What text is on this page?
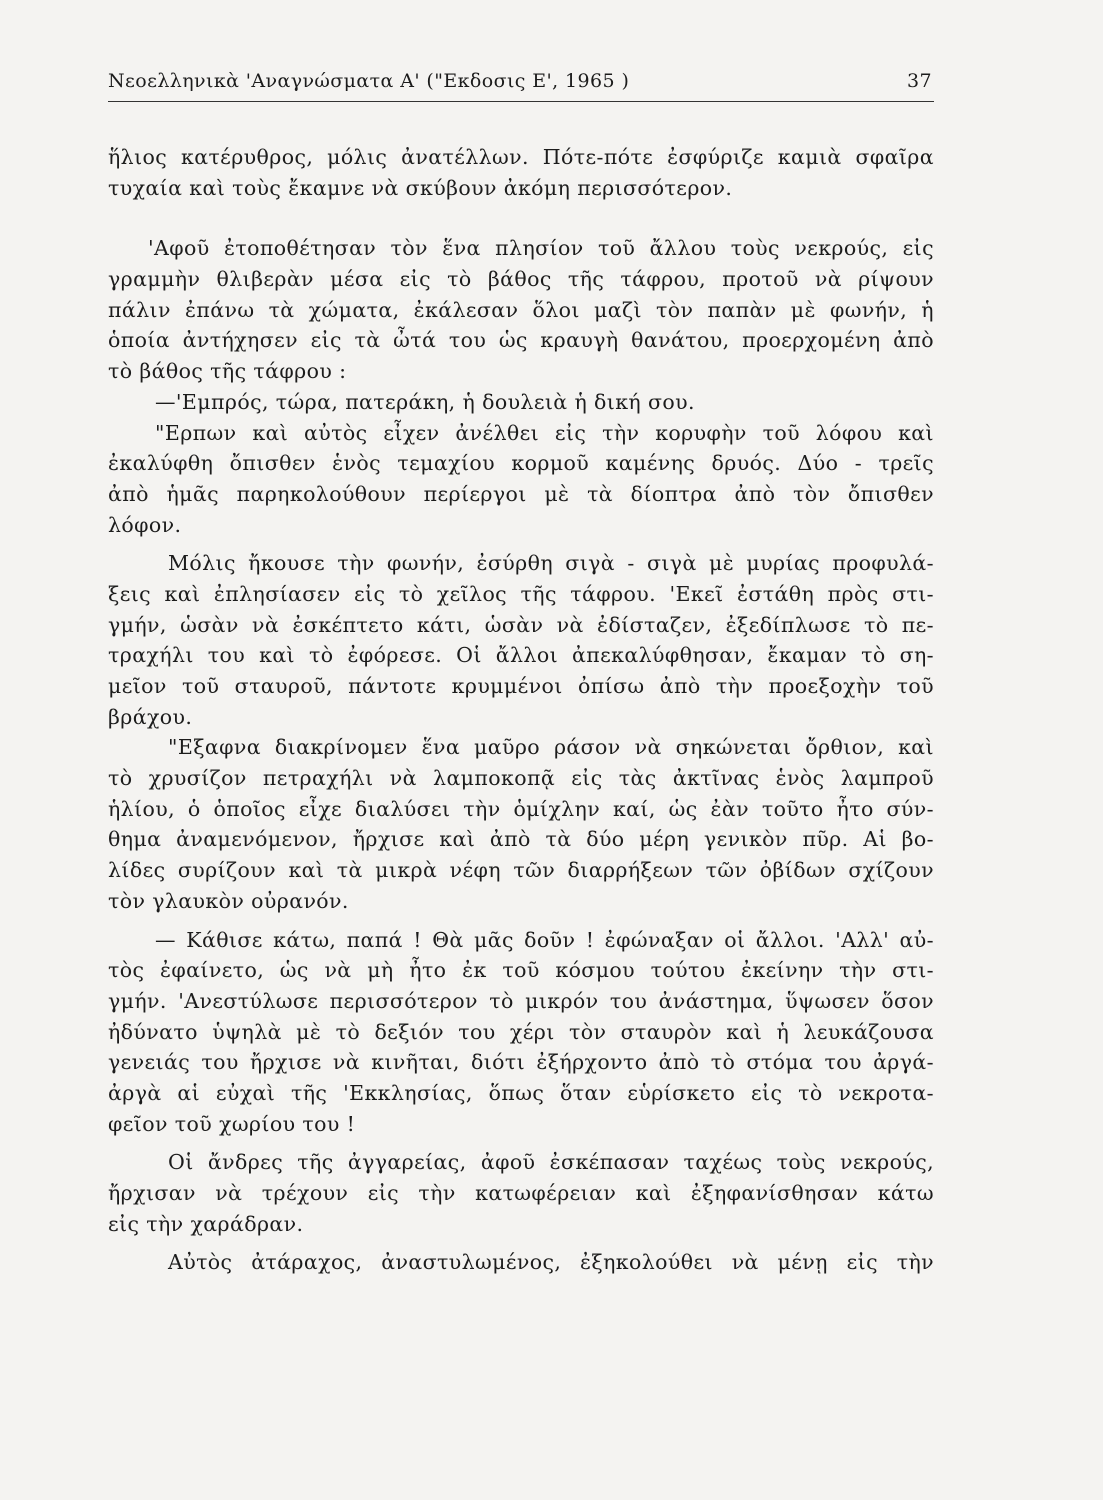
Νεοελληνικὰ 'Αναγνώσματα Α' ("Εκδοσις Ε', 1965 )	37
ἥλιος κατέρυθρος, μόλις ἀνατέλλων. Πότε-πότε ἐσφύριζε καμιὰ σφαῖρα
τυχαία καὶ τοὺς ἔκαμνε νὰ σκύβουν ἀκόμη περισσότερον.
'Αφοῦ ἐτοποθέτησαν τὸν ἕνα πλησίον τοῦ ἄλλου τοὺς νεκρούς, εἰς
γραμμὴν θλιβερὰν μέσα εἰς τὸ βάθος τῆς τάφρου, προτοῦ νὰ ρίψουν
πάλιν ἐπάνω τὰ χώματα, ἐκάλεσαν ὅλοι μαζὶ τὸν παπὰν μὲ φωνήν, ἡ
ὁποία ἀντήχησεν εἰς τὰ ὦτά του ὡς κραυγὴ θανάτου, προερχομένη ἀπὸ
τὸ βάθος τῆς τάφρου :
—'Εμπρός, τώρα, πατεράκη, ἡ δουλειὰ ἡ δική σου.
"Ερπων καὶ αὐτὸς εἶχεν ἀνέλθει εἰς τὴν κορυφὴν τοῦ λόφου καὶ
ἐκαλύφθη ὄπισθεν ἑνὸς τεμαχίου κορμοῦ καμένης δρυός. Δύο - τρεῖς
ἀπὸ ἡμᾶς παρηκολούθουν περίεργοι μὲ τὰ δίοπτρα ἀπὸ τὸν ὄπισθεν
λόφον.
Μόλις ἤκουσε τὴν φωνήν, ἐσύρθη σιγὰ - σιγὰ μὲ μυρίας προφυλά-
ξεις καὶ ἐπλησίασεν εἰς τὸ χεῖλος τῆς τάφρου. 'Εκεῖ ἐστάθη πρὸς στι-
γμήν, ὡσὰν νὰ ἐσκέπτετο κάτι, ὡσὰν νὰ ἐδίσταζεν, ἐξεδίπλωσε τὸ πε-
τραχήλι του καὶ τὸ ἐφόρεσε. Οἱ ἄλλοι ἀπεκαλύφθησαν, ἔκαμαν τὸ ση-
μεῖον τοῦ σταυροῦ, πάντοτε κρυμμένοι ὀπίσω ἀπὸ τὴν προεξοχὴν τοῦ
βράχου.
"Εξαφνα διακρίνομεν ἕνα μαῦρο ράσον νὰ σηκώνεται ὄρθιον, καὶ
τὸ χρυσίζον πετραχήλι νὰ λαμποκοπᾷ εἰς τὰς ἀκτῖνας ἑνὸς λαμπροῦ
ἡλίου, ὁ ὁποῖος εἶχε διαλύσει τὴν ὁμίχλην καί, ὡς ἐὰν τοῦτο ἦτο σύν-
θημα ἀναμενόμενον, ἤρχισε καὶ ἀπὸ τὰ δύο μέρη γενικὸν πῦρ. Αἱ βο-
λίδες συρίζουν καὶ τὰ μικρὰ νέφη τῶν διαρρήξεων τῶν ὀβίδων σχίζουν
τὸν γλαυκὸν οὐρανόν.
— Κάθισε κάτω, παπά ! Θὰ μᾶς δοῦν ! ἐφώναξαν οἱ ἄλλοι. 'Αλλ' αὐ-
τὸς ἐφαίνετο, ὡς νὰ μὴ ἦτο ἐκ τοῦ κόσμου τούτου ἐκείνην τὴν στι-
γμήν. 'Ανεστύλωσε περισσότερον τὸ μικρόν του ἀνάστημα, ὕψωσεν ὅσον
ἠδύνατο ὑψηλὰ μὲ τὸ δεξιόν του χέρι τὸν σταυρὸν καὶ ἡ λευκάζουσα
γενειάς του ἤρχισε νὰ κινῆται, διότι ἐξήρχοντο ἀπὸ τὸ στόμα του ἀργά-
ἀργὰ αἱ εὐχαὶ τῆς 'Εκκλησίας, ὅπως ὅταν εὑρίσκετο εἰς τὸ νεκροτα-
φεῖον τοῦ χωρίου του !
Οἱ ἄνδρες τῆς ἀγγαρείας, ἀφοῦ ἐσκέπασαν ταχέως τοὺς νεκρούς,
ἤρχισαν νὰ τρέχουν εἰς τὴν κατωφέρειαν καὶ ἐξηφανίσθησαν κάτω
εἰς τὴν χαράδραν.
Αὐτὸς ἀτάραχος, ἀναστυλωμένος, ἐξηκολούθει νὰ μένῃ εἰς τὴν
